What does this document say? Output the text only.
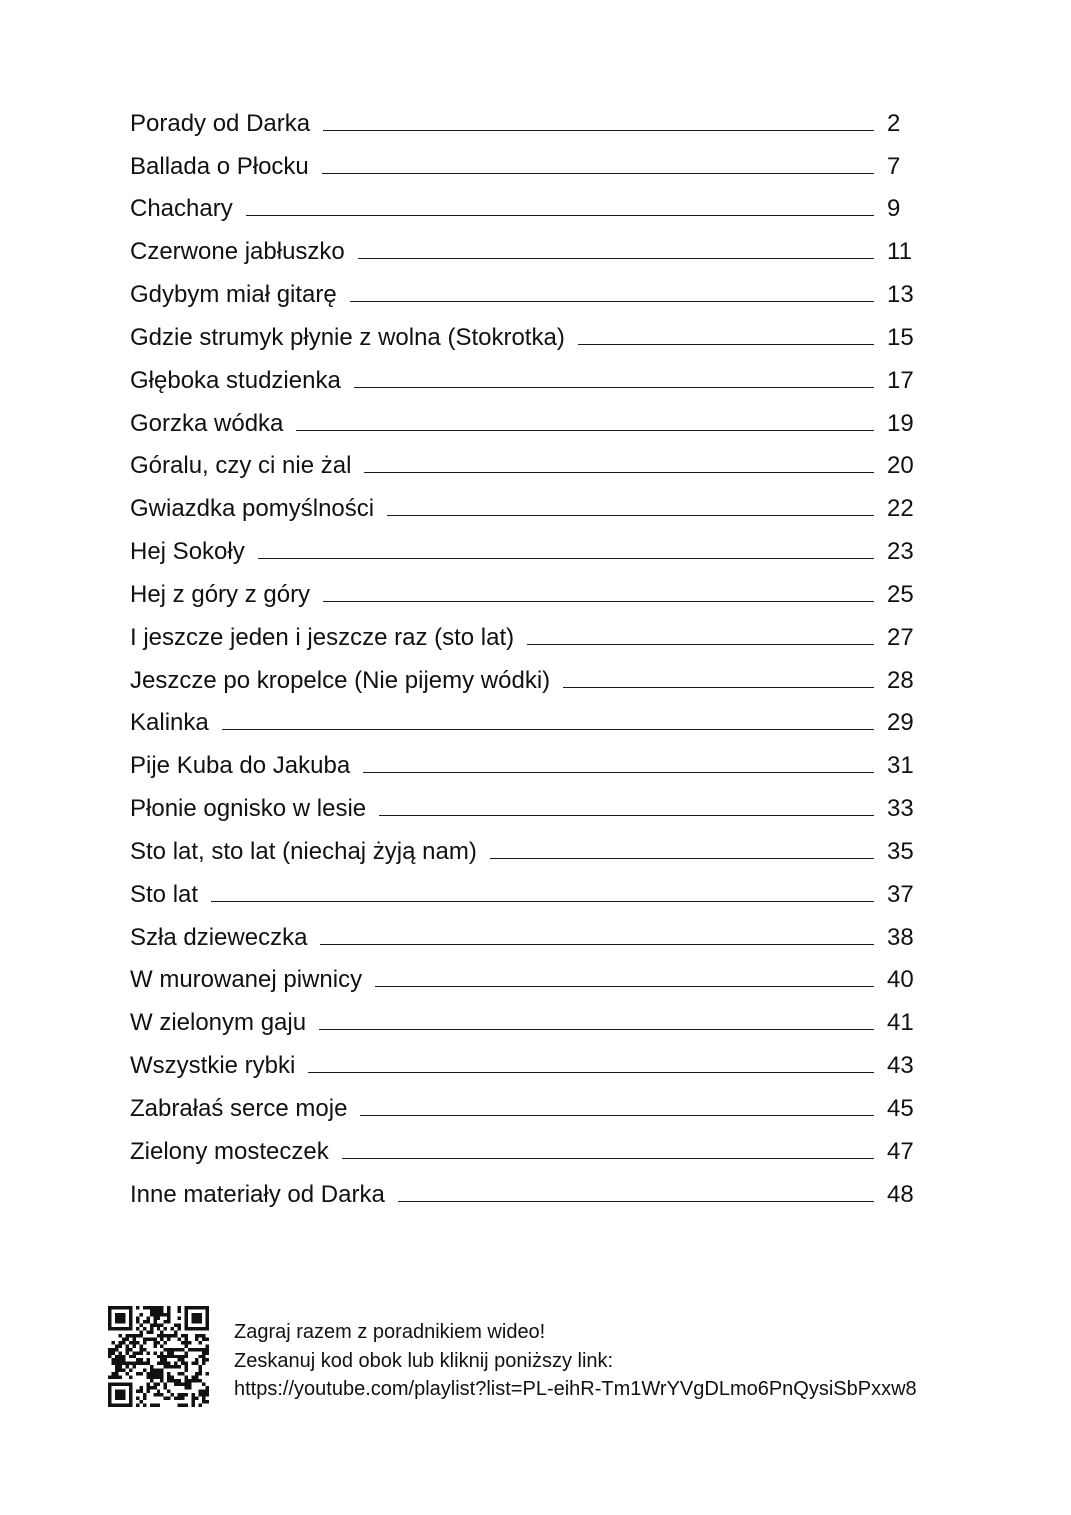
Porady od Darka	2
Ballada o Płocku	7
Chachary	9
Czerwone jabłuszko	11
Gdybym miał gitarę	13
Gdzie strumyk płynie z wolna (Stokrotka)	15
Głęboka studzienka	17
Gorzka wódka	19
Góralu, czy ci nie żal	20
Gwiazdka pomyślności	22
Hej Sokoły	23
Hej z góry z góry	25
I jeszcze jeden i jeszcze raz (sto lat)	27
Jeszcze po kropelce (Nie pijemy wódki)	28
Kalinka	29
Pije Kuba do Jakuba	31
Płonie ognisko w lesie	33
Sto lat, sto lat (niechaj żyją nam)	35
Sto lat	37
Szła dzieweczka	38
W murowanej piwnicy	40
W zielonym gaju	41
Wszystkie rybki	43
Zabrałaś serce moje	45
Zielony mosteczek	47
Inne materiały od Darka	48
Zagraj razem z poradnikiem wideo!
Zeskanuj kod obok lub kliknij poniższy link:
https://youtube.com/playlist?list=PL-eihR-Tm1WrYVgDLmo6PnQysiSbPxxw8
